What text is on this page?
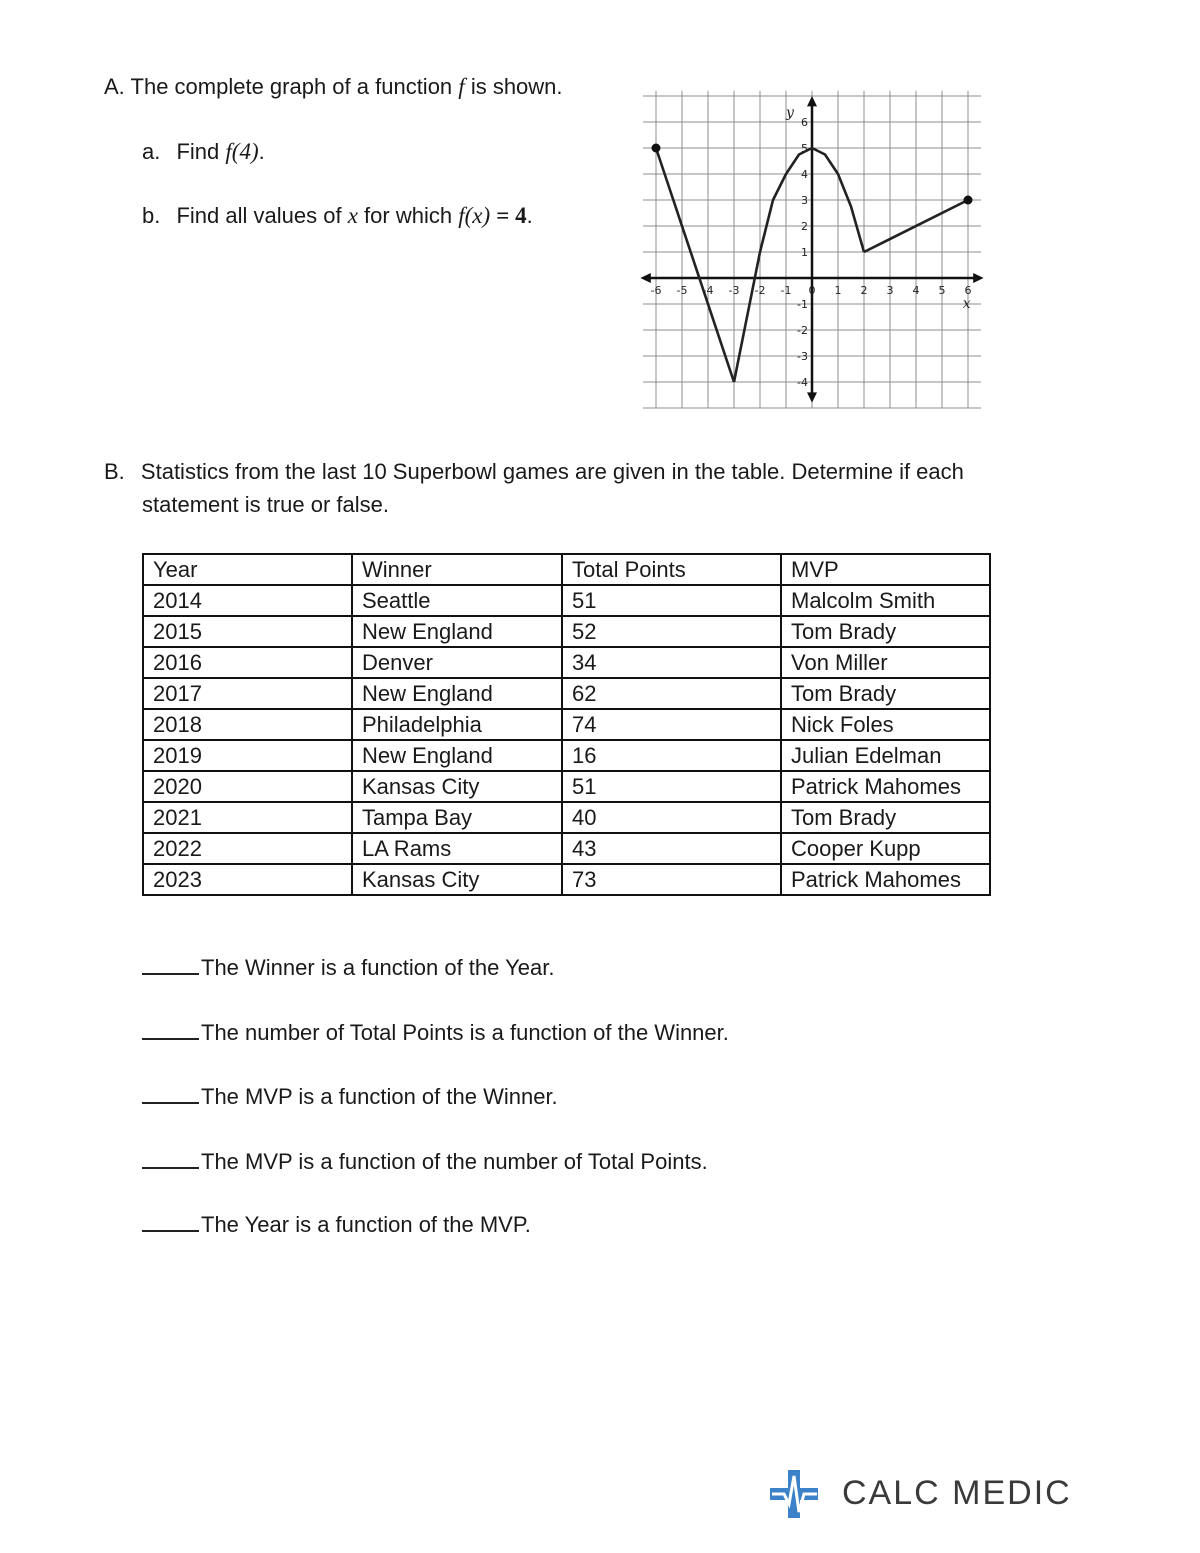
A. The complete graph of a function f is shown.
a. Find f(4).
b. Find all values of x for which f(x) = 4.
-6 -5 -4 -3 -2 -1 0 1 2 3 4 5 6
6
5
4
3
2
1
-1
-2
-3
-4
x
y
B. Statistics from the last 10 Superbowl games are given in the table. Determine if each
statement is true or false.
Year	Winner	Total Points	MVP
2014	Seattle	51	Malcolm Smith
2015	New England	52	Tom Brady
2016	Denver	34	Von Miller
2017	New England	62	Tom Brady
2018	Philadelphia	74	Nick Foles
2019	New England	16	Julian Edelman
2020	Kansas City	51	Patrick Mahomes
2021	Tampa Bay	40	Tom Brady
2022	LA Rams	43	Cooper Kupp
2023	Kansas City	73	Patrick Mahomes
The Winner is a function of the Year.
The number of Total Points is a function of the Winner.
The MVP is a function of the Winner.
The MVP is a function of the number of Total Points.
The Year is a function of the MVP.
CALC MEDIC
